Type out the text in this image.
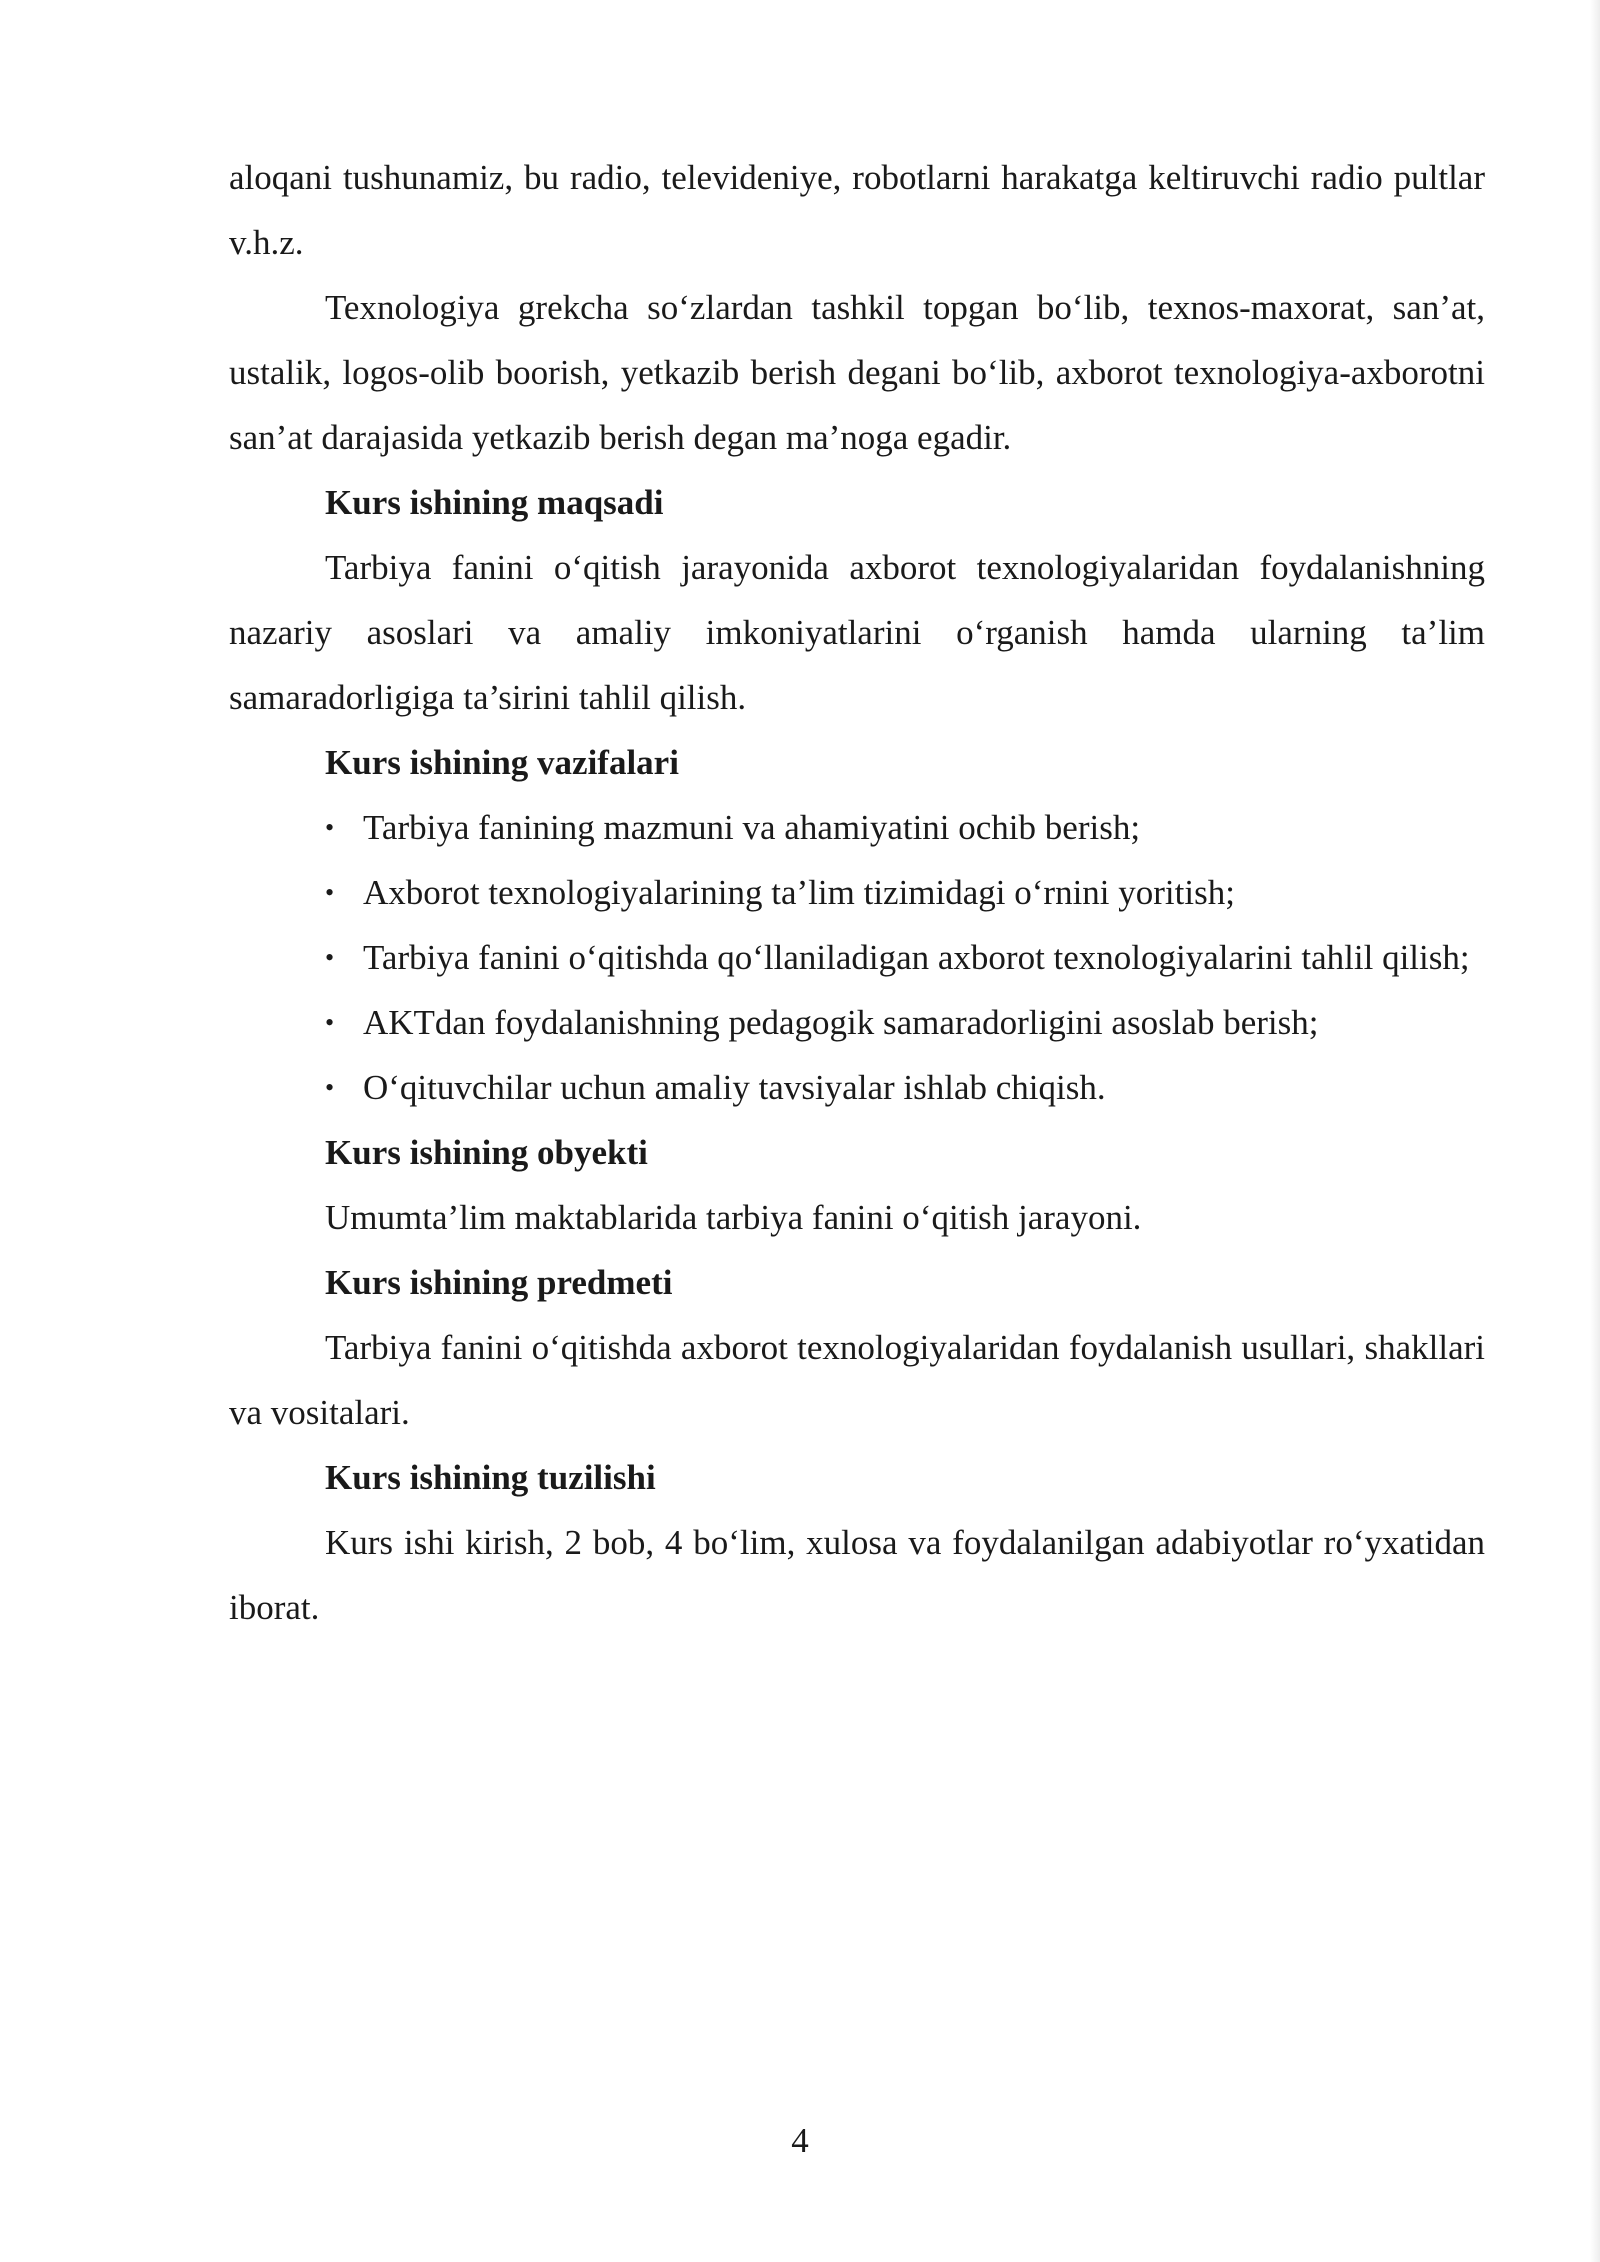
aloqani tushunamiz, bu radio, televideniye, robotlarni harakatga keltiruvchi radio pultlar v.h.z.

Texnologiya grekcha so‘zlardan tashkil topgan bo‘lib, texnos-maxorat, san’at, ustalik, logos-olib boorish, yetkazib berish degani bo‘lib, axborot texnologiya-axborotni san’at darajasida yetkazib berish degan ma’noga egadir.

Kurs ishining maqsadi

Tarbiya fanini o‘qitish jarayonida axborot texnologiyalaridan foydalanishning nazariy asoslari va amaliy imkoniyatlarini o‘rganish hamda ularning ta’lim samaradorligiga ta’sirini tahlil qilish.

Kurs ishining vazifalari

• Tarbiya fanining mazmuni va ahamiyatini ochib berish;

• Axborot texnologiyalarining ta’lim tizimidagi o‘rnini yoritish;

• Tarbiya fanini o‘qitishda qo‘llaniladigan axborot texnologiyalarini tahlil qilish;

• AKTdan foydalanishning pedagogik samaradorligini asoslab berish;

• O‘qituvchilar uchun amaliy tavsiyalar ishlab chiqish.

Kurs ishining obyekti

Umumta’lim maktablarida tarbiya fanini o‘qitish jarayoni.

Kurs ishining predmeti

Tarbiya fanini o‘qitishda axborot texnologiyalaridan foydalanish usullari, shakllari va vositalari.

Kurs ishining tuzilishi

Kurs ishi kirish, 2 bob, 4 bo‘lim, xulosa va foydalanilgan adabiyotlar ro‘yxatidan iborat.

4
